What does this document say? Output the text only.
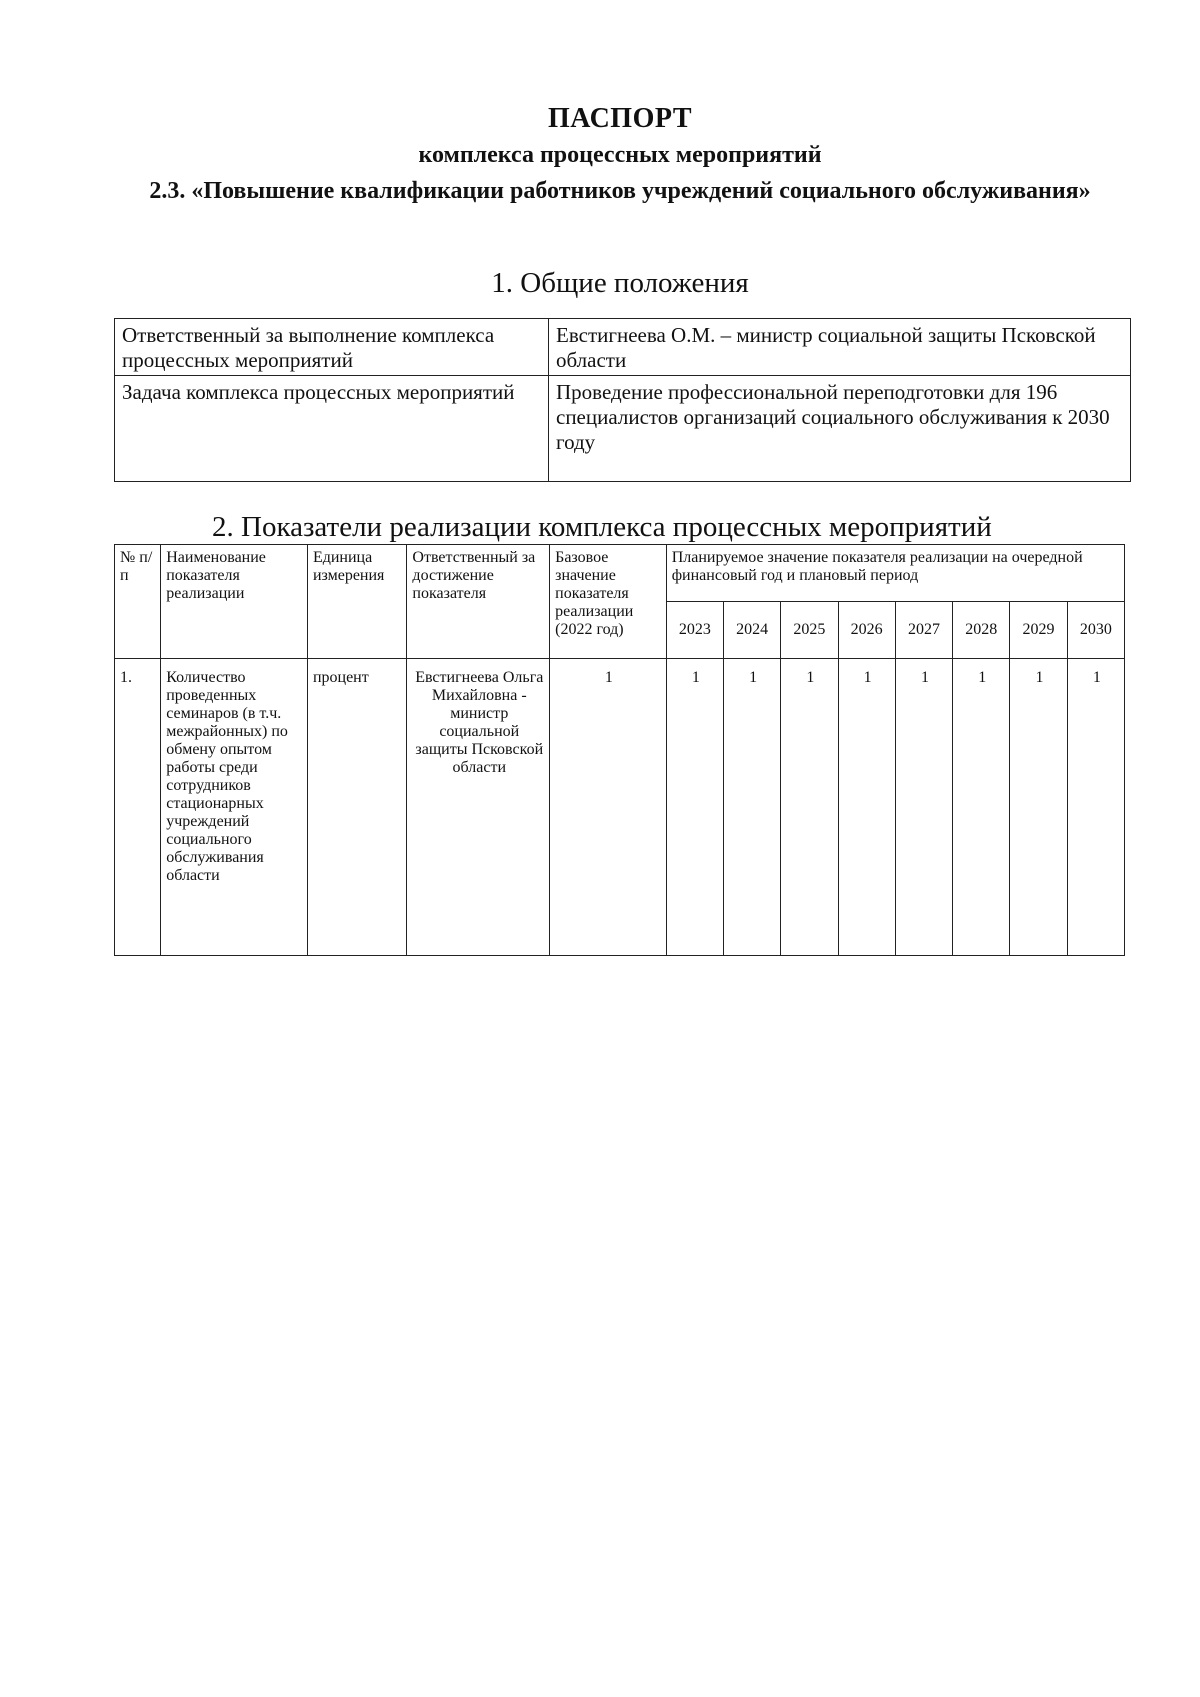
ПАСПОРТ
комплекса процессных мероприятий
2.3. «Повышение квалификации работников учреждений социального обслуживания»
1. Общие положения
Ответственный за выполнение комплекса процессных мероприятий	Евстигнеева О.М. – министр социальной защиты Псковской области
Задача комплекса процессных мероприятий	Проведение профессиональной переподготовки для 196 специалистов организаций социального обслуживания к 2030 году
2. Показатели реализации комплекса процессных мероприятий
№ п/п	Наименование показателя реализации	Единица измерения	Ответственный за достижение показателя	Базовое значение показателя реализации (2022 год)	Планируемое значение показателя реализации на очередной финансовый год и плановый период							
					2023	2024	2025	2026	2027	2028	2029	2030
1.	Количество проведенных семинаров (в т.ч. межрайонных) по обмену опытом работы среди сотрудников стационарных учреждений социального обслуживания области	процент	Евстигнеева Ольга Михайловна - министр социальной защиты Псковской области	1	1	1	1	1	1	1	1	1
